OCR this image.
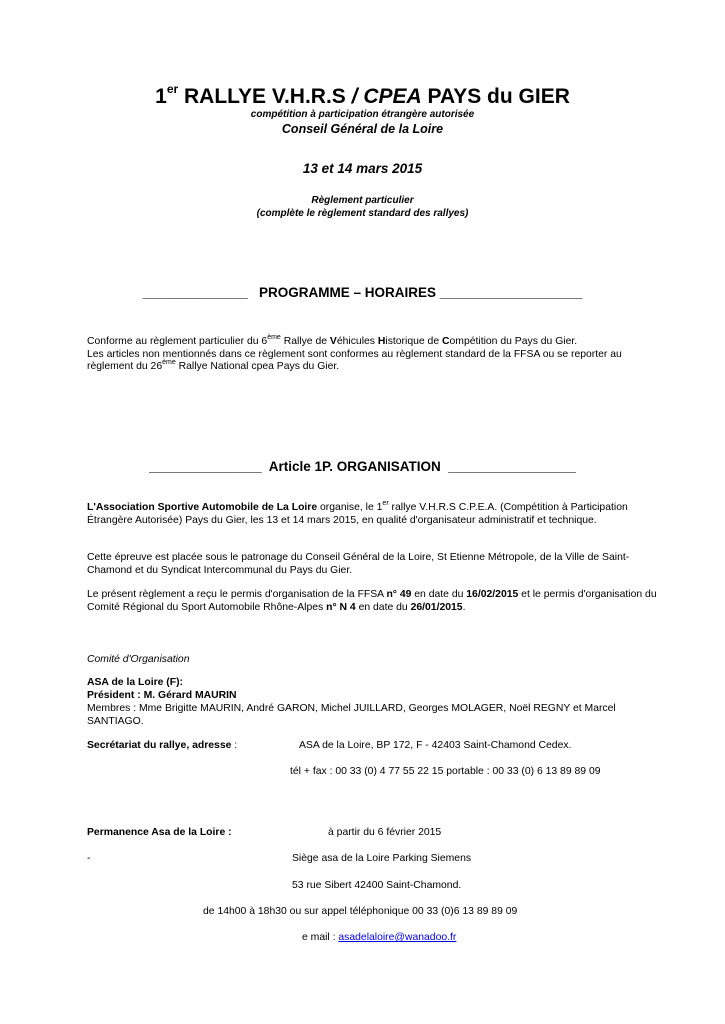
1er RALLYE V.H.R.S / CPEA PAYS du GIER
compétition à participation étrangère autorisée
Conseil Général de la Loire
13 et 14 mars 2015
Règlement particulier
(complète le règlement standard des rallyes)
______________   PROGRAMME – HORAIRES ___________________
Conforme au règlement particulier du 6ème Rallye de Véhicules Historique de Compétition du Pays du Gier.
Les articles non mentionnés dans ce règlement sont conformes au règlement standard de la FFSA ou se reporter au règlement du 26ème Rallye National cpea Pays du Gier.
_______________  Article 1P. ORGANISATION  _________________
L'Association Sportive Automobile de La Loire organise, le 1er rallye V.H.R.S C.P.E.A. (Compétition à Participation Étrangère Autorisée) Pays du Gier, les 13 et 14 mars 2015, en qualité d'organisateur administratif et technique.
Cette épreuve est placée sous le patronage du Conseil Général de la Loire, St Etienne Métropole, de la Ville de Saint-Chamond et du Syndicat Intercommunal du Pays du Gier.
Le présent règlement a reçu le permis d'organisation de la FFSA n° 49 en date du 16/02/2015 et le permis d'organisation du Comité Régional du Sport Automobile Rhône-Alpes n° N 4 en date du 26/01/2015.
Comité d'Organisation
ASA de la Loire (F):
Président : M. Gérard MAURIN
Membres : Mme Brigitte MAURIN, André GARON, Michel JUILLARD, Georges MOLAGER, Noël REGNY et Marcel SANTIAGO.
Secrétariat du rallye, adresse :	ASA de la Loire, BP 172, F - 42403 Saint-Chamond Cedex.
tél + fax : 00 33 (0) 4 77 55 22 15 portable : 00 33 (0) 6 13 89 89 09
Permanence Asa de la Loire :	à partir du 6 février 2015
-	Siège asa de la Loire Parking Siemens
53 rue Sibert 42400 Saint-Chamond.
de 14h00 à 18h30 ou sur appel téléphonique 00 33 (0)6 13 89 89 09
e mail : asadelaloire@wanadoo.fr
